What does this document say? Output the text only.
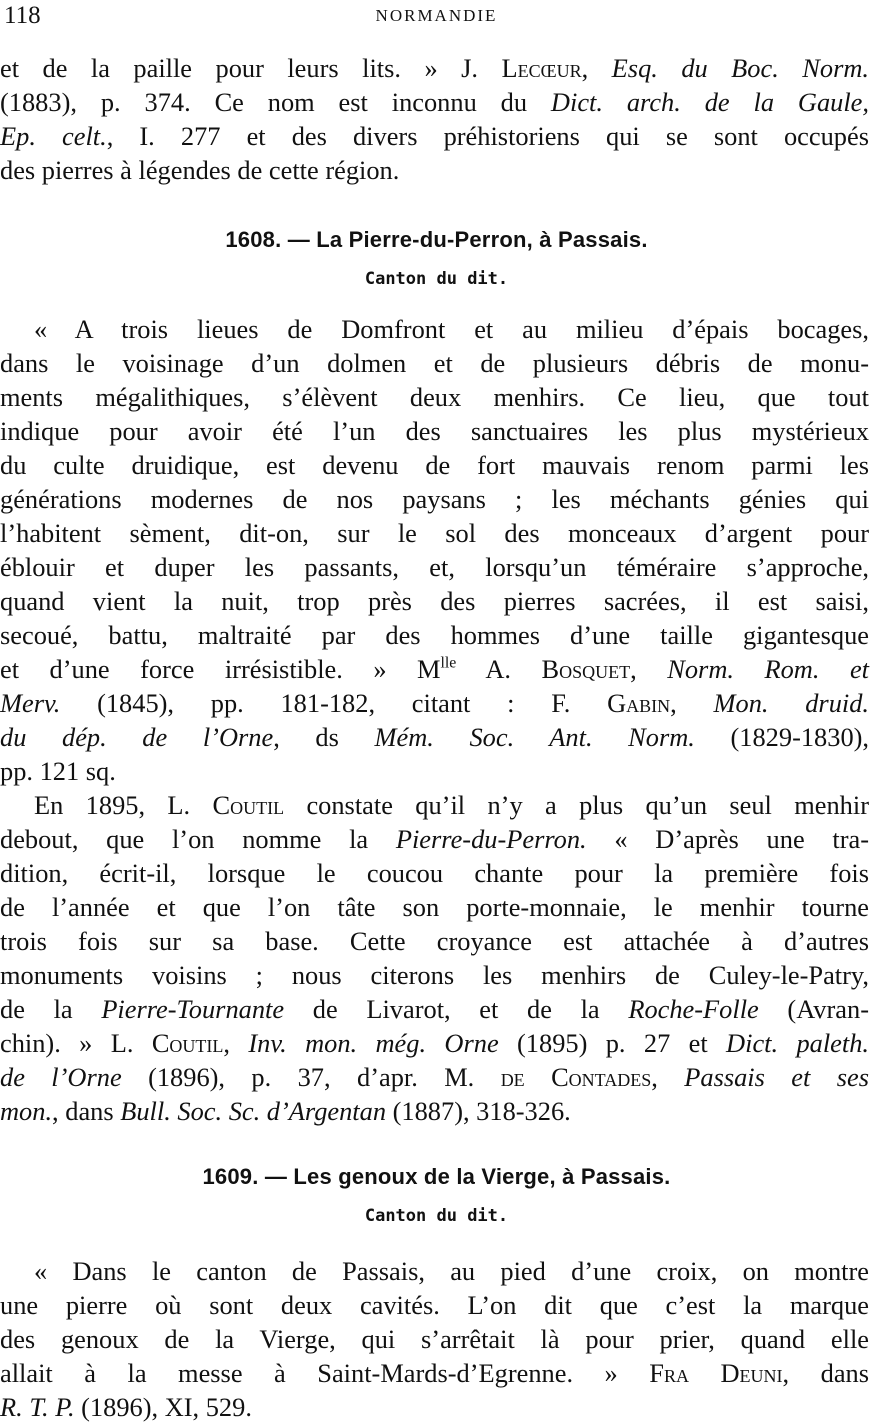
118	NORMANDIE
et de la paille pour leurs lits. » J. Lecœur, Esq. du Boc. Norm.
(1883), p. 374. Ce nom est inconnu du Dict. arch. de la Gaule,
Ep. celt., I. 277 et des divers préhistoriens qui se sont occupés
des pierres à légendes de cette région.
1608. — La Pierre-du-Perron, à Passais.
Canton du dit.
« A trois lieues de Domfront et au milieu d’épais bocages,
dans le voisinage d’un dolmen et de plusieurs débris de monu-
ments mégalithiques, s’élèvent deux menhirs. Ce lieu, que tout
indique pour avoir été l’un des sanctuaires les plus mystérieux
du culte druidique, est devenu de fort mauvais renom parmi les
générations modernes de nos paysans ; les méchants génies qui
l’habitent sèment, dit-on, sur le sol des monceaux d’argent pour
éblouir et duper les passants, et, lorsqu’un téméraire s’approche,
quand vient la nuit, trop près des pierres sacrées, il est saisi,
secoué, battu, maltraité par des hommes d’une taille gigantesque
et d’une force irrésistible. » $M^{lle}$ A. Bosquet, Norm. Rom. et
Merv. (1845), pp. 181-182, citant : F. Gabin, Mon. druid.
du dép. de l’Orne, ds Mém. Soc. Ant. Norm. (1829-1830),
pp. 121 sq.
En 1895, L. Coutil constate qu’il n’y a plus qu’un seul menhir
debout, que l’on nomme la Pierre-du-Perron. « D’après une tra-
dition, écrit-il, lorsque le coucou chante pour la première fois
de l’année et que l’on tâte son porte-monnaie, le menhir tourne
trois fois sur sa base. Cette croyance est attachée à d’autres
monuments voisins ; nous citerons les menhirs de Culey-le-Patry,
de la Pierre-Tournante de Livarot, et de la Roche-Folle (Avran-
chin). » L. Coutil, Inv. mon. még. Orne (1895) p. 27 et Dict. paleth.
de l’Orne (1896), p. 37, d’apr. M. de Contades, Passais et ses
mon., dans Bull. Soc. Sc. d’Argentan (1887), 318-326.
1609. — Les genoux de la Vierge, à Passais.
Canton du dit.
« Dans le canton de Passais, au pied d’une croix, on montre
une pierre où sont deux cavités. L’on dit que c’est la marque
des genoux de la Vierge, qui s’arrêtait là pour prier, quand elle
allait à la messe à Saint-Mards-d’Egrenne. » Fra Deuni, dans
R. T. P. (1896), XI, 529.
